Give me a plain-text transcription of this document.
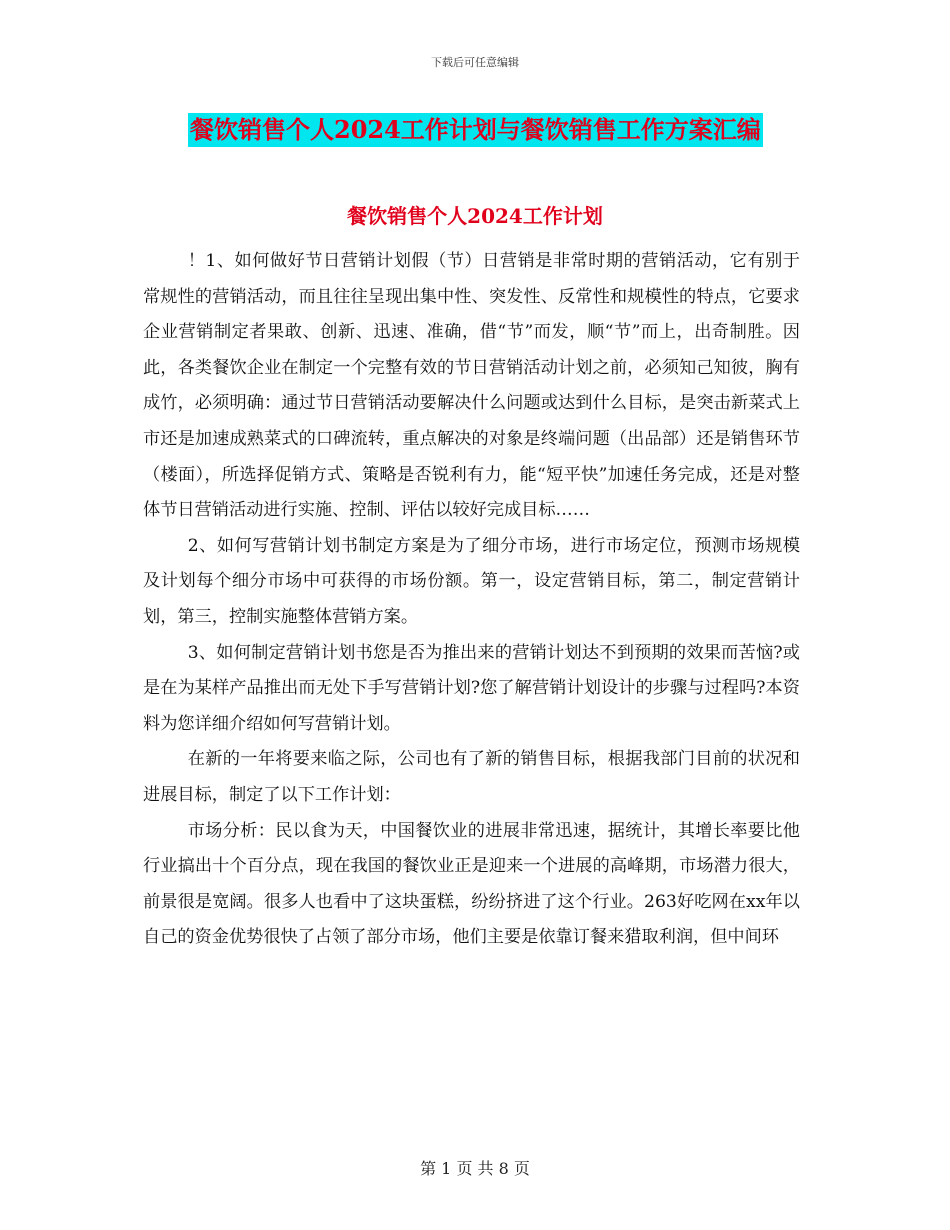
下载后可任意编辑
餐饮销售个人2024工作计划与餐饮销售工作方案汇编
餐饮销售个人2024工作计划

！1、如何做好节日营销计划假（节）日营销是非常时期的营销活动，它有别于常规性的营销活动，而且往往呈现出集中性、突发性、反常性和规模性的特点，它要求企业营销制定者果敢、创新、迅速、准确，借“节”而发，顺“节”而上，出奇制胜。因此，各类餐饮企业在制定一个完整有效的节日营销活动计划之前，必须知己知彼，胸有成竹，必须明确：通过节日营销活动要解决什么问题或达到什么目标，是突击新菜式上市还是加速成熟菜式的口碑流转，重点解决的对象是终端问题（出品部）还是销售环节（楼面），所选择促销方式、策略是否锐利有力，能“短平快”加速任务完成，还是对整体节日营销活动进行实施、控制、评估以较好完成目标……

2、如何写营销计划书制定方案是为了细分市场，进行市场定位，预测市场规模及计划每个细分市场中可获得的市场份额。第一，设定营销目标，第二，制定营销计划，第三，控制实施整体营销方案。

3、如何制定营销计划书您是否为推出来的营销计划达不到预期的效果而苦恼?或是在为某样产品推出而无处下手写营销计划?您了解营销计划设计的步骤与过程吗?本资料为您详细介绍如何写营销计划。

在新的一年将要来临之际，公司也有了新的销售目标，根据我部门目前的状况和进展目标，制定了以下工作计划：

市场分析：民以食为天，中国餐饮业的进展非常迅速，据统计，其增长率要比他行业搞出十个百分点，现在我国的餐饮业正是迎来一个进展的高峰期，市场潜力很大，前景很是宽阔。很多人也看中了这块蛋糕，纷纷挤进了这个行业。263好吃网在xx年以自己的资金优势很快了占领了部分市场，他们主要是依靠订餐来猎取利润，但中间环

第 1 页 共 8 页
